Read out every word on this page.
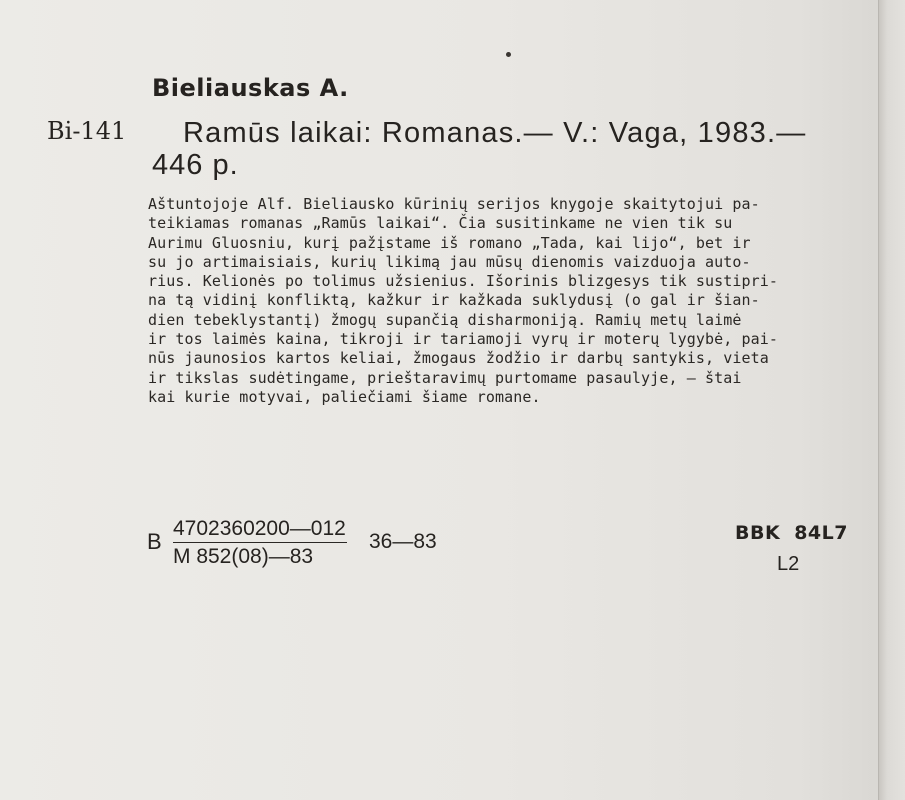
Bieliauskas A.
Bi-141 Ramūs laikai: Romanas.— V.: Vaga, 1983.—
446 p.
Aštuntojoje Alf. Bieliausko kūrinių serijos knygoje skaitytojui pa-
teikiamas romanas „Ramūs laikai“. Čia susitinkame ne vien tik su
Aurimu Gluosniu, kurį pažįstame iš romano „Tada, kai lijo“, bet ir
su jo artimaisiais, kurių likimą jau mūsų dienomis vaizduoja auto-
rius. Kelionės po tolimus užsienius. Išorinis blizgesys tik sustipri-
na tą vidinį konfliktą, kažkur ir kažkada suklydusį (o gal ir šian-
dien tebeklystantį) žmogų supančią disharmoniją. Ramių metų laimė
ir tos laimės kaina, tikroji ir tariamoji vyrų ir moterų lygybė, pai-
nūs jaunosios kartos keliai, žmogaus žodžio ir darbų santykis, vieta
ir tikslas sudėtingame, prieštaravimų purtomame pasaulyje, — štai
kai kurie motyvai, paliečiami šiame romane.
B $\frac{4702360200—012}{M 852(08)—83}$ 36—83	BBK 84L7
L2
